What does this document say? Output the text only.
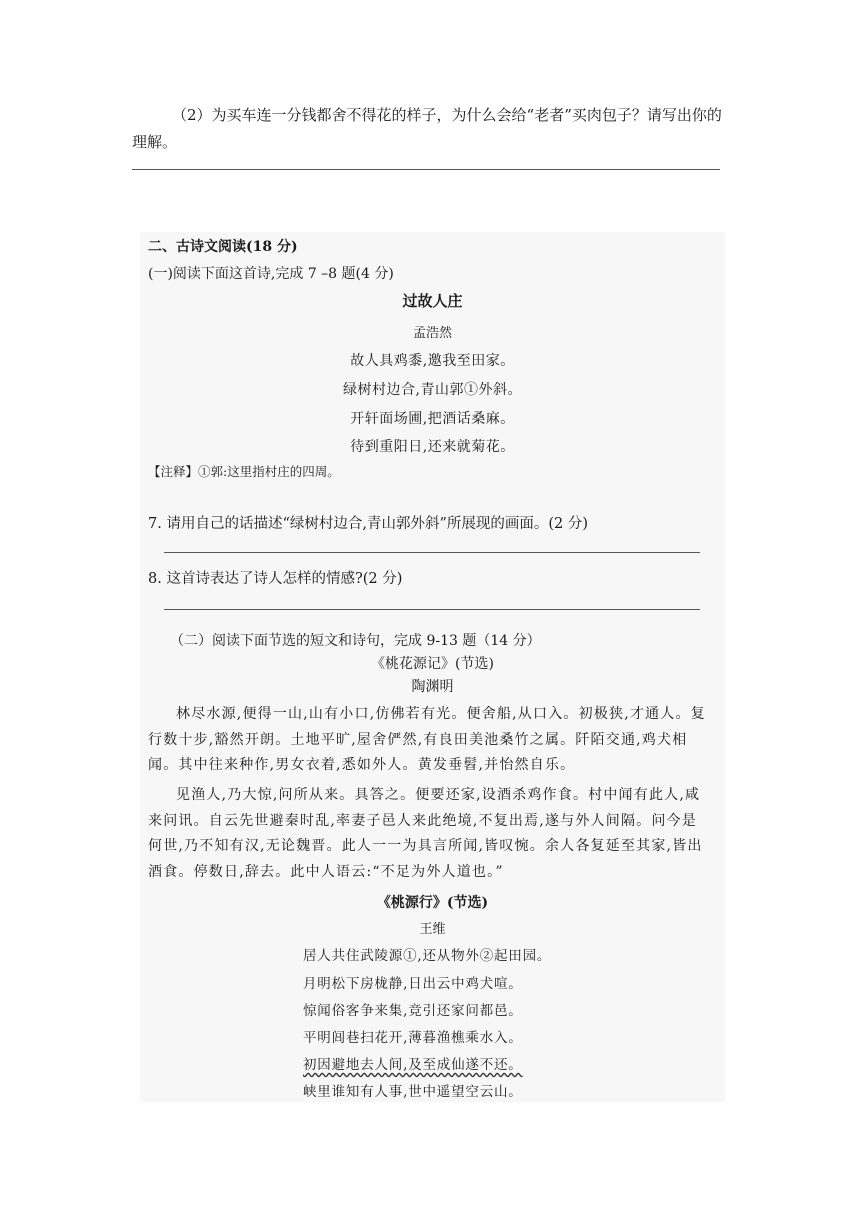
（2）为买车连一分钱都舍不得花的样子，为什么会给“老者”买肉包子？请写出你的
理解。
二、古诗文阅读(18 分)
(一)阅读下面这首诗,完成 7 –8 题(4 分)
过故人庄
孟浩然
故人具鸡黍,邀我至田家。
绿树村边合,青山郭①外斜。
开轩面场圃,把酒话桑麻。
待到重阳日,还来就菊花。
【注释】①郭:这里指村庄的四周。
7. 请用自己的话描述“绿树村边合,青山郭外斜”所展现的画面。(2 分)
8. 这首诗表达了诗人怎样的情感?(2 分)
（二）阅读下面节选的短文和诗句，完成 9-13 题（14 分）
《桃花源记》(节选)
陶渊明
林尽水源,便得一山,山有小口,仿佛若有光。便舍船,从口入。初极狭,才通人。复行数十步,豁然开朗。土地平旷,屋舍俨然,有良田美池桑竹之属。阡陌交通,鸡犬相闻。其中往来种作,男女衣着,悉如外人。黄发垂髫,并怡然自乐。
见渔人,乃大惊,问所从来。具答之。便要还家,设酒杀鸡作食。村中闻有此人,咸来问讯。自云先世避秦时乱,率妻子邑人来此绝境,不复出焉,遂与外人间隔。问今是何世,乃不知有汉,无论魏晋。此人一一为具言所闻,皆叹惋。余人各复延至其家,皆出酒食。停数日,辞去。此中人语云:“不足为外人道也。”
《桃源行》(节选)
王维
居人共住武陵源①,还从物外②起田园。
月明松下房栊静,日出云中鸡犬喧。
惊闻俗客争来集,竞引还家问都邑。
平明闾巷扫花开,薄暮渔樵乘水入。
初因避地去人间,及至成仙遂不还。
峡里谁知有人事,世中遥望空云山。
